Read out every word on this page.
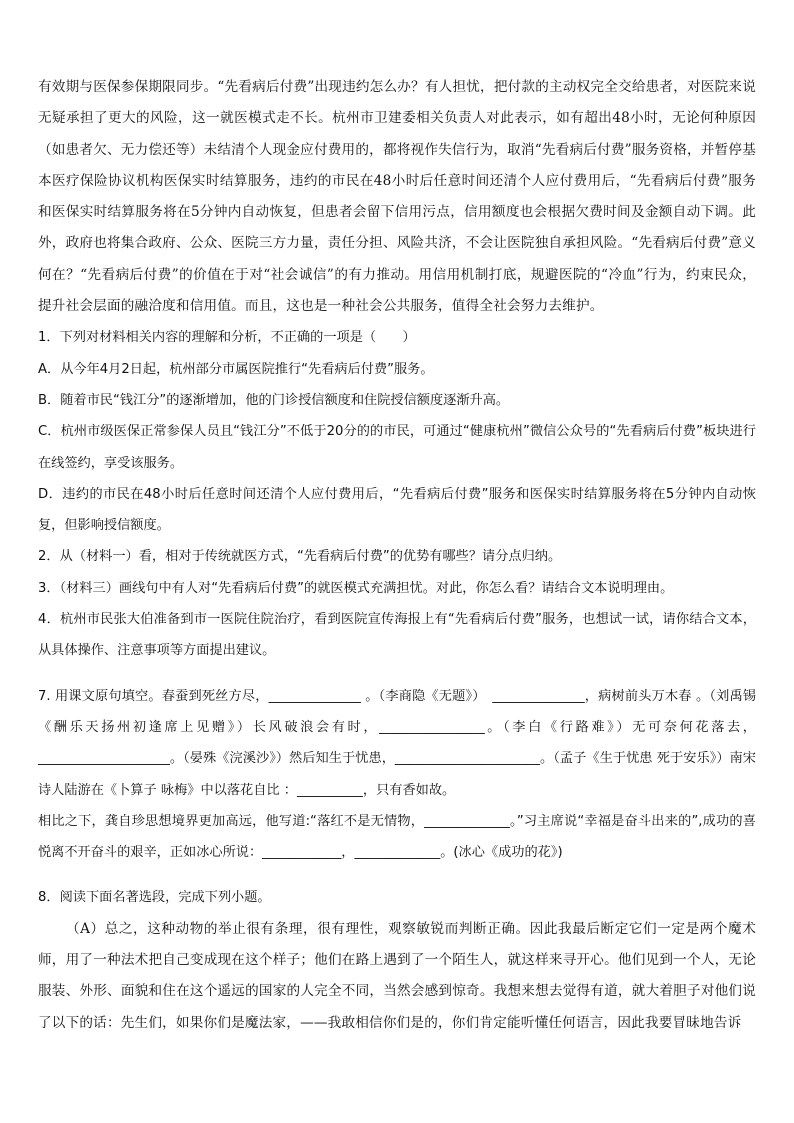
有效期与医保参保期限同步。“先看病后付费”出现违约怎么办？有人担忧，把付款的主动权完全交给患者，对医院来说无疑承担了更大的风险，这一就医模式走不长。杭州市卫建委相关负责人对此表示，如有超出48小时，无论何种原因（如患者欠、无力偿还等）未结清个人现金应付费用的，都将视作失信行为，取消“先看病后付费”服务资格，并暂停基本医疗保险协议机构医保实时结算服务，违约的市民在48小时后任意时间还清个人应付费用后，“先看病后付费”服务和医保实时结算服务将在5分钟内自动恢复，但患者会留下信用污点，信用额度也会根据欠费时间及金额自动下调。此外，政府也将集合政府、公众、医院三方力量，责任分担、风险共济，不会让医院独自承担风险。“先看病后付费”意义何在？“先看病后付费”的价值在于对“社会诚信”的有力推动。用信用机制打底，规避医院的“冷血”行为，约束民众，提升社会层面的融洽度和信用值。而且，这也是一种社会公共服务，值得全社会努力去维护。

1．下列对材料相关内容的理解和分析，不正确的一项是（　　）

A．从今年4月2日起，杭州部分市属医院推行“先看病后付费”服务。

B．随着市民“钱江分”的逐渐增加，他的门诊授信额度和住院授信额度逐渐升高。

C．杭州市级医保正常参保人员且“钱江分”不低于20分的的市民，可通过“健康杭州”微信公众号的“先看病后付费”板块进行在线签约，享受该服务。

D．违约的市民在48小时后任意时间还清个人应付费用后，“先看病后付费”服务和医保实时结算服务将在5分钟内自动恢复，但影响授信额度。

2．从（材料一）看，相对于传统就医方式，“先看病后付费”的优势有哪些？请分点归纳。

3．（材料三）画线句中有人对“先看病后付费”的就医模式充满担忧。对此，你怎么看？请结合文本说明理由。

4．杭州市民张大伯准备到市一医院住院治疗，看到医院宣传海报上有“先看病后付费”服务，也想试一试，请你结合文本，从具体操作、注意事项等方面提出建议。

7. 用课文原句填空。春蚕到死丝方尽，______________ 。（李商隐《无题》）　______________，病树前头万木春 。（刘禹锡《酬乐天扬州初逢席上见赠》）长风破浪会有时，________________。（李白《行路难》）无可奈何花落去，____________________。（晏殊《浣溪沙》）然后知生于忧患，______________________。（孟子《生于忧患 死于安乐》）南宋诗人陆游在《卜算子 咏梅》中以落花自比 ：__________，只有香如故。

相比之下，龚自珍思想境界更加高远，他写道:“落红不是无情物，_____________。”习主席说“幸福是奋斗出来的”,成功的喜悦离不开奋斗的艰辛，正如冰心所说：____________，_____________。(冰心《成功的花》)

8．阅读下面名著选段，完成下列小题。

（A）总之，这种动物的举止很有条理，很有理性，观察敏锐而判断正确。因此我最后断定它们一定是两个魔术师，用了一种法术把自己变成现在这个样子；他们在路上遇到了一个陌生人，就这样来寻开心。他们见到一个人，无论服装、外形、面貌和住在这个遥远的国家的人完全不同，当然会感到惊奇。我想来想去觉得有道，就大着胆子对他们说了以下的话：先生们，如果你们是魔法家，——我敢相信你们是的，你们肯定能听懂任何语言，因此我要冒昧地告诉
